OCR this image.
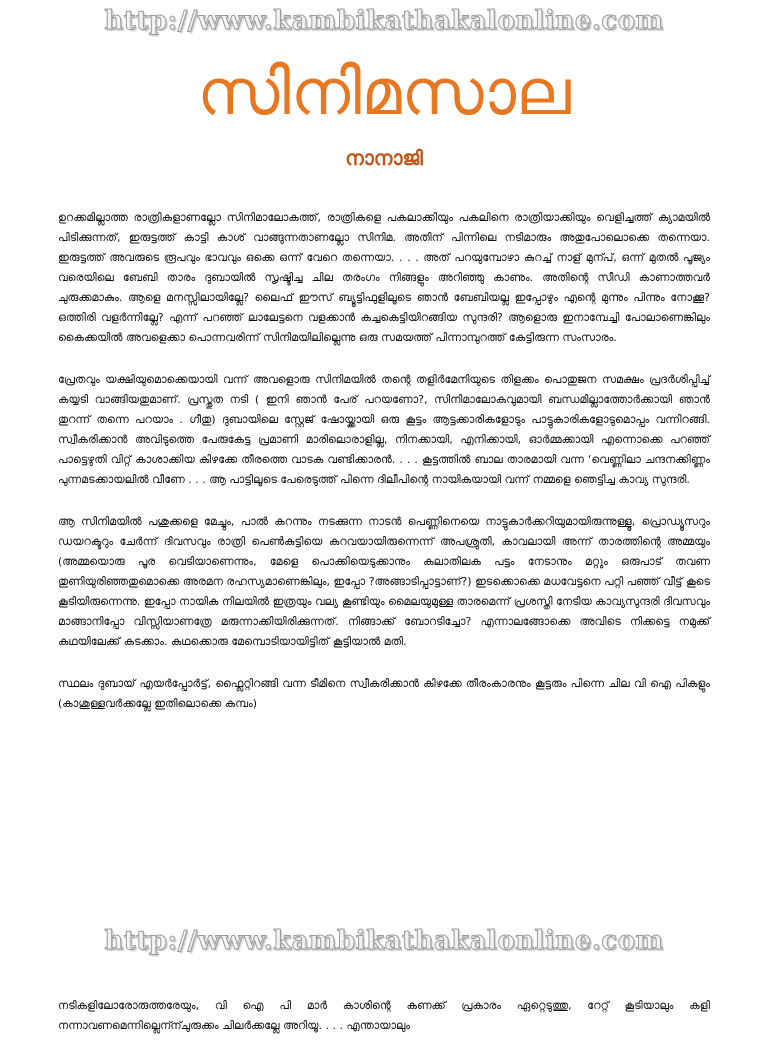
http://www.kambikathakalonline.com
സിനിമസാല
നാനാജി

ഉറക്കമില്ലാത്ത രാത്രികളാണല്ലോ സിനിമാലോകത്ത്, രാത്രികളെ പകലാക്കിയും പകലിനെ രാത്രിയാക്കിയും വെളിച്ചത്ത് ക്യാമയിൽ പിടിക്കുന്നത്, ഇരുട്ടത്ത് കാട്ടി കാശ് വാങ്ങുന്നതാണല്ലോ സിനിമ. അതിന് പിന്നിലെ നടിമാരും അതുപോലൊക്കെ തന്നെയാ. ഇരുട്ടത്ത് അവരുടെ രൂപവും ഭാവവും ഒക്കെ ഒന്ന് വേറെ തന്നെയാ. . . . അത് പറയുമ്പോഴാ കുറച്ച് നാള് മുന്പ്, ഒന്ന് മുതൽ പൂജ്യം വരെയിലെ ബേബി താരം ദുബായിൽ സൃഷ്ടിച്ച ചില തരംഗം നിങ്ങളും അറിഞ്ഞു കാണും. അതിന്റെ സീഡി കാണാത്തവർ ചുരുക്കമാകും. ആളെ മനസ്സിലായില്ലേ? ലൈഫ് ഈസ് ബ്യൂട്ടിഫുളിലൂടെ ഞാൻ ബേബിയല്ല ഇപ്പോഴും എന്റെ മുന്നും പിന്നും നോക്കൂ? ഒത്തിരി വളർന്നില്ലേ? എന്ന് പറഞ്ഞ് ലാലേട്ടനെ വളക്കാൻ കച്ചകെട്ടിയിറങ്ങിയ സുന്ദരി? ആളൊരു ഇനാമ്പേച്ചി പോലാണെങ്കിലും കൈക്കയിൽ അവളെക്കാ പൊന്നവരിന്ന് സിനിമയിലില്ലെന്നു ഒരു സമയത്ത് പിന്നാമ്പുറത്ത് കേട്ടിരുന്ന സംസാരം.

പ്രേതവും യക്ഷിയുമൊക്കെയായി വന്ന് അവളൊരു സിനിമയിൽ തന്റെ തളിർമേനിയുടെ തിളക്കം പൊതുജന സമക്ഷം പ്രദർശിപ്പിച്ച് കയ്യടി വാങ്ങിയതുമാണ്. പ്രസ്തുത നടി ( ഇനി ഞാൻ പേര് പറയണോ?, സിനിമാലോകവുമായി ബന്ധമില്ലാത്തോർക്കായി ഞാൻ തുറന്ന് തന്നെ പറയാം . ഗീതു) ദുബായിലെ സ്റ്റേജ് ഷോയ്ക്കായി ഒരു കൂട്ടം ആട്ടക്കാരികളോടും പാട്ടുകാരികളോടുമൊപ്പം വന്നിറങ്ങി. സ്വീകരിക്കാൻ അവിടുത്തെ പേരുകേട്ട പ്രമാണി മാരിലൊരാളില്ല, നിനക്കായി, എനിക്കായി, ഓർമ്മക്കായി എന്നൊക്കെ പറഞ്ഞ് പാട്ടെഴുതി വിറ്റ് കാശാക്കിയ കിഴക്കേ തീരത്തെ വാടക വണ്ടിക്കാരൻ. . . . കൂട്ടത്തിൽ ബാല താരമായി വന്ന ‘വെണ്ണിലാ ചന്ദനക്കിണ്ണം പുന്നമടക്കായലിൽ വീണേ . . . ആ പാട്ടിലൂടെ പേരെടുത്ത് പിന്നെ ദിലീപിന്റെ നായികയായി വന്ന് നമ്മളെ ഞെട്ടിച്ച കാവ്യ സുന്ദരി.

ആ സിനിമയിൽ പശുക്കളെ മേച്ചും, പാൽ കറന്നും നടക്കുന്ന നാടൻ പെണ്ണിനെയെ നാട്ടുകാർക്കറിയുമായിരുന്നുള്ളൂ, പ്രൊഡ്യൂസറും ഡയറക്ടറും ചേർന്ന് ദിവസവും രാത്രി പെൺകുട്ടിയെ കറവയായിരുന്നെന്ന് അപശ്രുതി, കാവലായി അന്ന് താരത്തിന്റെ അമ്മയും (അമ്മയൊരു പൂര വെടിയാണെന്നും, മേളെ പൊക്കിയെടുക്കാനും കലാതിലക പട്ടം നേടാനും മറ്റും ഒരുപാട് തവണ തുണിയുരിഞ്ഞതുമൊക്കെ അരമന രഹസ്യമാണെങ്കിലും, ഇപ്പോ ?അങ്ങാടിപ്പാട്ടാണ്?) ഇടക്കൊക്കെ മധവേട്ടനെ പറ്റി പഞ്ഞ് വീട്ട് കൂടെ കൂടിയിരുന്നെന്നു. ഇപ്പോ നായിക നിലയിൽ ഇത്രയും വല്യ കൂണ്ടിയും മൈലയുമുള്ള താരമെന്ന് പ്രശസ്തി നേടിയ കാവ്യസുന്ദരി ദിവസവും മാങ്ങാനിപ്പോ വിസ്സിയാണത്രേ മരുന്നാക്കിയിരിക്കുന്നത്. നിങ്ങാക്ക് ബോറടിച്ചോ? എന്നാലങ്ങോക്കെ അവിടെ നിക്കട്ടെ നമുക്ക് കഥയിലേക്ക് കടക്കാം. കഥക്കൊരു മേമ്പൊടിയായിട്ടിത് കൂട്ടിയാൽ മതി.

സ്ഥലം ദുബായ് എയർപ്പോർട്ട്, ഫ്ലൈറ്റിറങ്ങി വന്ന ടീമിനെ സ്വീകരിക്കാൻ കിഴക്കേ തീരംകാരനും കൂട്ടരും പിന്നെ ചില വി ഐ പികളും (കാശുള്ളവർക്കല്ലേ ഇതിലൊക്കെ കമ്പം)

http://www.kambikathakalonline.com

നടികളിലോരോരുത്തരേയും, വി ഐ പി മാർ കാശിന്റെ കണക്ക് പ്രകാരം ഏറ്റെടുത്തു, റേറ്റ് കൂടിയാലും കളി നന്നാവണമെന്നില്ലെന്ന്ചുരുക്കം ചിലർക്കല്ലേ അറിയൂ. . . . എന്തായാലും
